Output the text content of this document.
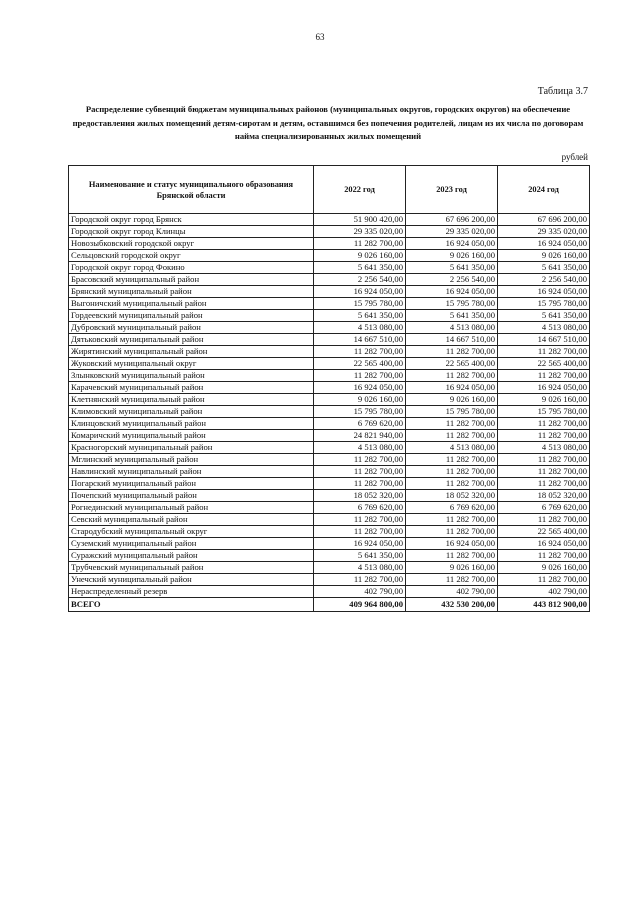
63
Таблица 3.7
Распределение субвенций бюджетам муниципальных районов (муниципальных округов, городских округов) на обеспечение предоставления жилых помещений детям-сиротам и детям, оставшимся без попечения родителей, лицам из их числа по договорам найма специализированных жилых помещений
рублей
Наименование и статус муниципального образования Брянской области	2022 год	2023 год	2024 год
Городской округ город Брянск	51 900 420,00	67 696 200,00	67 696 200,00
Городской округ город Клинцы	29 335 020,00	29 335 020,00	29 335 020,00
Новозыбковский городской округ	11 282 700,00	16 924 050,00	16 924 050,00
Сельцовский городской округ	9 026 160,00	9 026 160,00	9 026 160,00
Городской округ город Фокино	5 641 350,00	5 641 350,00	5 641 350,00
Брасовский муниципальный район	2 256 540,00	2 256 540,00	2 256 540,00
Брянский муниципальный район	16 924 050,00	16 924 050,00	16 924 050,00
Выгоничский муниципальный район	15 795 780,00	15 795 780,00	15 795 780,00
Гордеевский муниципальный район	5 641 350,00	5 641 350,00	5 641 350,00
Дубровский муниципальный район	4 513 080,00	4 513 080,00	4 513 080,00
Дятьковский муниципальный район	14 667 510,00	14 667 510,00	14 667 510,00
Жирятинский муниципальный район	11 282 700,00	11 282 700,00	11 282 700,00
Жуковский муниципальный округ	22 565 400,00	22 565 400,00	22 565 400,00
Злынковский муниципальный район	11 282 700,00	11 282 700,00	11 282 700,00
Карачевский муниципальный район	16 924 050,00	16 924 050,00	16 924 050,00
Клетнянский муниципальный район	9 026 160,00	9 026 160,00	9 026 160,00
Климовский муниципальный район	15 795 780,00	15 795 780,00	15 795 780,00
Клинцовский муниципальный район	6 769 620,00	11 282 700,00	11 282 700,00
Комаричский муниципальный район	24 821 940,00	11 282 700,00	11 282 700,00
Красногорский муниципальный район	4 513 080,00	4 513 080,00	4 513 080,00
Мглинский муниципальный район	11 282 700,00	11 282 700,00	11 282 700,00
Навлинский муниципальный район	11 282 700,00	11 282 700,00	11 282 700,00
Погарский муниципальный район	11 282 700,00	11 282 700,00	11 282 700,00
Почепский муниципальный район	18 052 320,00	18 052 320,00	18 052 320,00
Рогнединский муниципальный район	6 769 620,00	6 769 620,00	6 769 620,00
Севский муниципальный район	11 282 700,00	11 282 700,00	11 282 700,00
Стародубский муниципальный округ	11 282 700,00	11 282 700,00	22 565 400,00
Суземский муниципальный район	16 924 050,00	16 924 050,00	16 924 050,00
Суражский муниципальный район	5 641 350,00	11 282 700,00	11 282 700,00
Трубчевский муниципальный район	4 513 080,00	9 026 160,00	9 026 160,00
Унечский муниципальный район	11 282 700,00	11 282 700,00	11 282 700,00
Нераспределенный резерв	402 790,00	402 790,00	402 790,00
ВСЕГО	409 964 800,00	432 530 200,00	443 812 900,00
